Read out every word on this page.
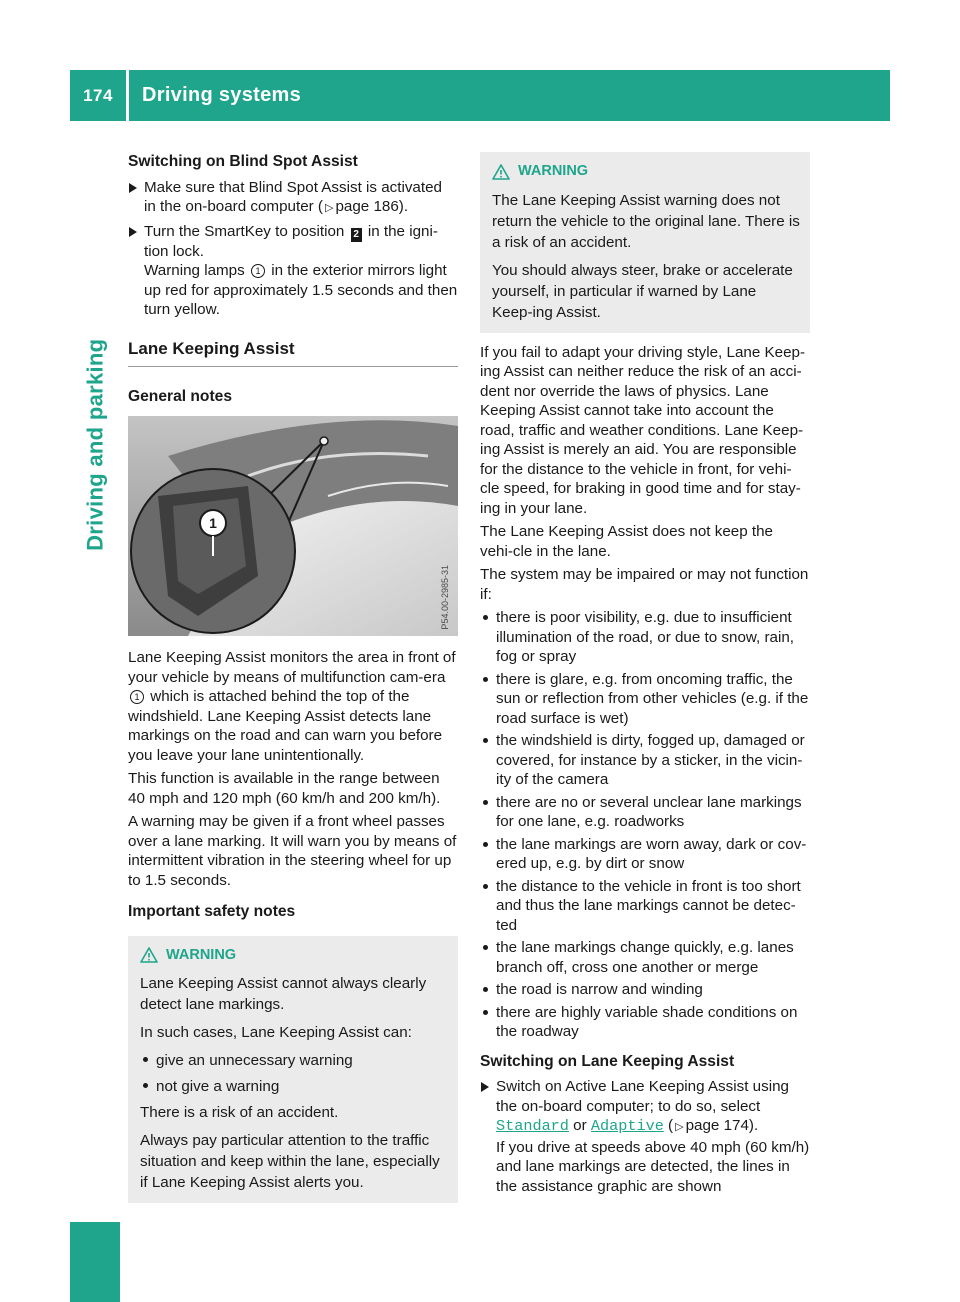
174	Driving systems
Driving and parking
Switching on Blind Spot Assist
Make sure that Blind Spot Assist is activated in the on-board computer ( ▷ page 186).
Turn the SmartKey to position 2 in the igni-tion lock.
Warning lamps 1 in the exterior mirrors light up red for approximately 1.5 seconds and then turn yellow.
Lane Keeping Assist
General notes
1
P54.00-2985-31

Lane Keeping Assist monitors the area in front of your vehicle by means of multifunction cam-era 1 which is attached behind the top of the windshield. Lane Keeping Assist detects lane markings on the road and can warn you before you leave your lane unintentionally.

This function is available in the range between 40 mph and 120 mph (60 km/h and 200 km/h).

A warning may be given if a front wheel passes over a lane marking. It will warn you by means of intermittent vibration in the steering wheel for up to 1.5 seconds.

Important safety notes
WARNING

Lane Keeping Assist cannot always clearly detect lane markings.

In such cases, Lane Keeping Assist can:

give an unnecessary warning
not give a warning

There is a risk of an accident.

Always pay particular attention to the traffic situation and keep within the lane, especially if Lane Keeping Assist alerts you.

WARNING

The Lane Keeping Assist warning does not return the vehicle to the original lane. There is a risk of an accident.

You should always steer, brake or accelerate yourself, in particular if warned by Lane Keep-ing Assist.

If you fail to adapt your driving style, Lane Keep-ing Assist can neither reduce the risk of an acci-dent nor override the laws of physics. Lane Keeping Assist cannot take into account the road, traffic and weather conditions. Lane Keep-ing Assist is merely an aid. You are responsible for the distance to the vehicle in front, for vehi-cle speed, for braking in good time and for stay-ing in your lane.

The Lane Keeping Assist does not keep the vehi-cle in the lane.

The system may be impaired or may not function if:

there is poor visibility, e.g. due to insufficient illumination of the road, or due to snow, rain, fog or spray
there is glare, e.g. from oncoming traffic, the sun or reflection from other vehicles (e.g. if the road surface is wet)
the windshield is dirty, fogged up, damaged or covered, for instance by a sticker, in the vicin-ity of the camera
there are no or several unclear lane markings for one lane, e.g. roadworks
the lane markings are worn away, dark or cov-ered up, e.g. by dirt or snow
the distance to the vehicle in front is too short and thus the lane markings cannot be detec-ted
the lane markings change quickly, e.g. lanes branch off, cross one another or merge
the road is narrow and winding
there are highly variable shade conditions on the roadway
Switching on Lane Keeping Assist
Switch on Active Lane Keeping Assist using the on-board computer; to do so, select Standard or Adaptive ( ▷ page 174).
If you drive at speeds above 40 mph (60 km/h) and lane markings are detected, the lines in the assistance graphic are shown
